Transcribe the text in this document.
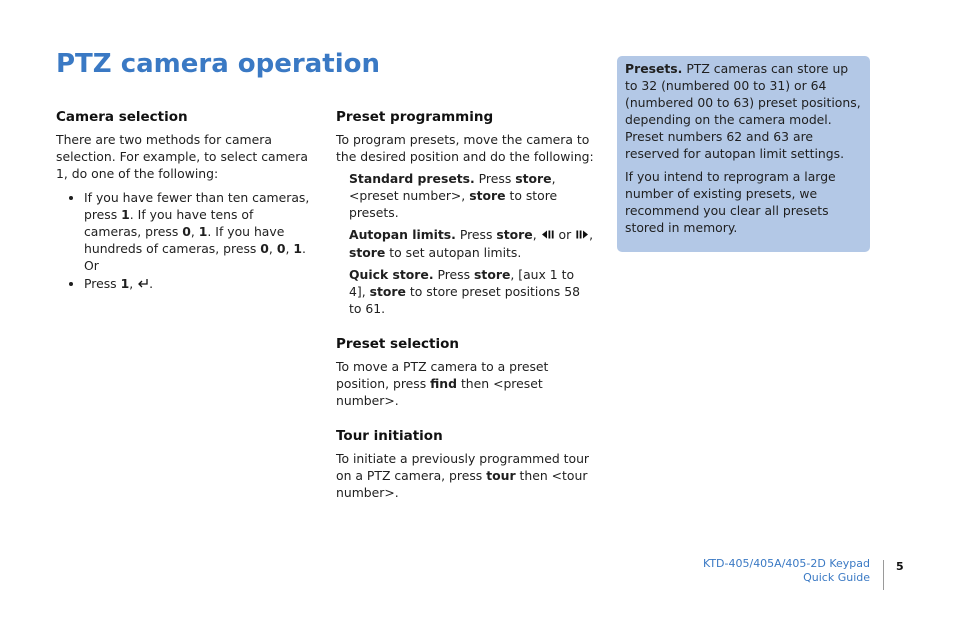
PTZ camera operation
Camera selection

There are two methods for camera selection. For example, to select camera 1, do one of the following:

• If you have fewer than ten cameras, press 1. If you have tens of cameras, press 0, 1. If you have hundreds of cameras, press 0, 0, 1. Or
• Press 1, .
Preset programming

To program presets, move the camera to the desired position and do the following:

Standard presets. Press store, <preset number>, store to store presets.

Autopan limits. Press store,  or , store to set autopan limits.

Quick store. Press store, [aux 1 to 4], store to store preset positions 58 to 61.

Preset selection

To move a PTZ camera to a preset position, press find then <preset number>.

Tour initiation

To initiate a previously programmed tour on a PTZ camera, press tour then <tour number>.

Presets. PTZ cameras can store up to 32 (numbered 00 to 31) or 64 (numbered 00 to 63) preset positions, depending on the camera model. Preset numbers 62 and 63 are reserved for autopan limit settings.

If you intend to reprogram a large number of existing presets, we recommend you clear all presets stored in memory.

KTD-405/405A/405-2D Keypad
Quick Guide
5
